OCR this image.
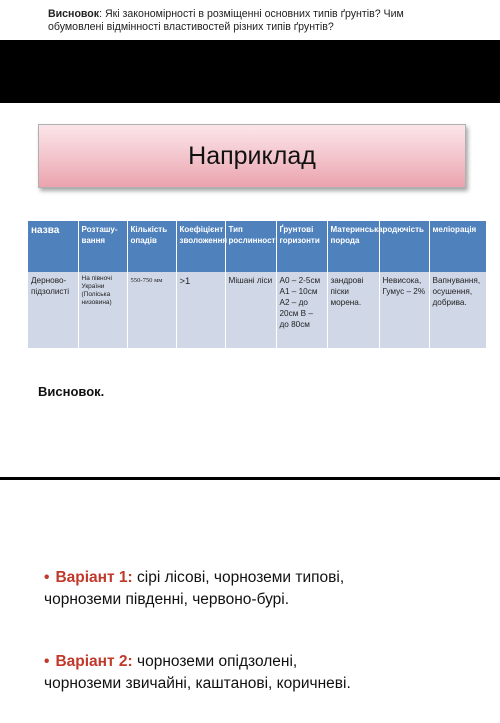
Висновок: Які закономірності в розміщенні основних типів ґрунтів? Чим
обумовлені відмінності властивостей різних типів ґрунтів?
Наприклад
назва	Розташу-вання	Кількість опадів	Коефіцієнт зволоження	Тип рослинності	Ґрунтові горизонти	Материнська порода	родючість	меліорація
Дерново-підзолисті	На півночі України (Поліська низовина)	550-750 мм	>1	Мішані ліси	А0 – 2-5см А1 – 10см А2 – до 20см В – до 80см	зандрові піски морена.	Невисока, Гумус – 2%	Вапнування, осушення, добрива.
Висновок.
• Варіант 1: сірі лісові, чорноземи типові,
чорноземи південні, червоно-бурі.
• Варіант 2: чорноземи опідзолені,
чорноземи звичайні, каштанові, коричневі.
